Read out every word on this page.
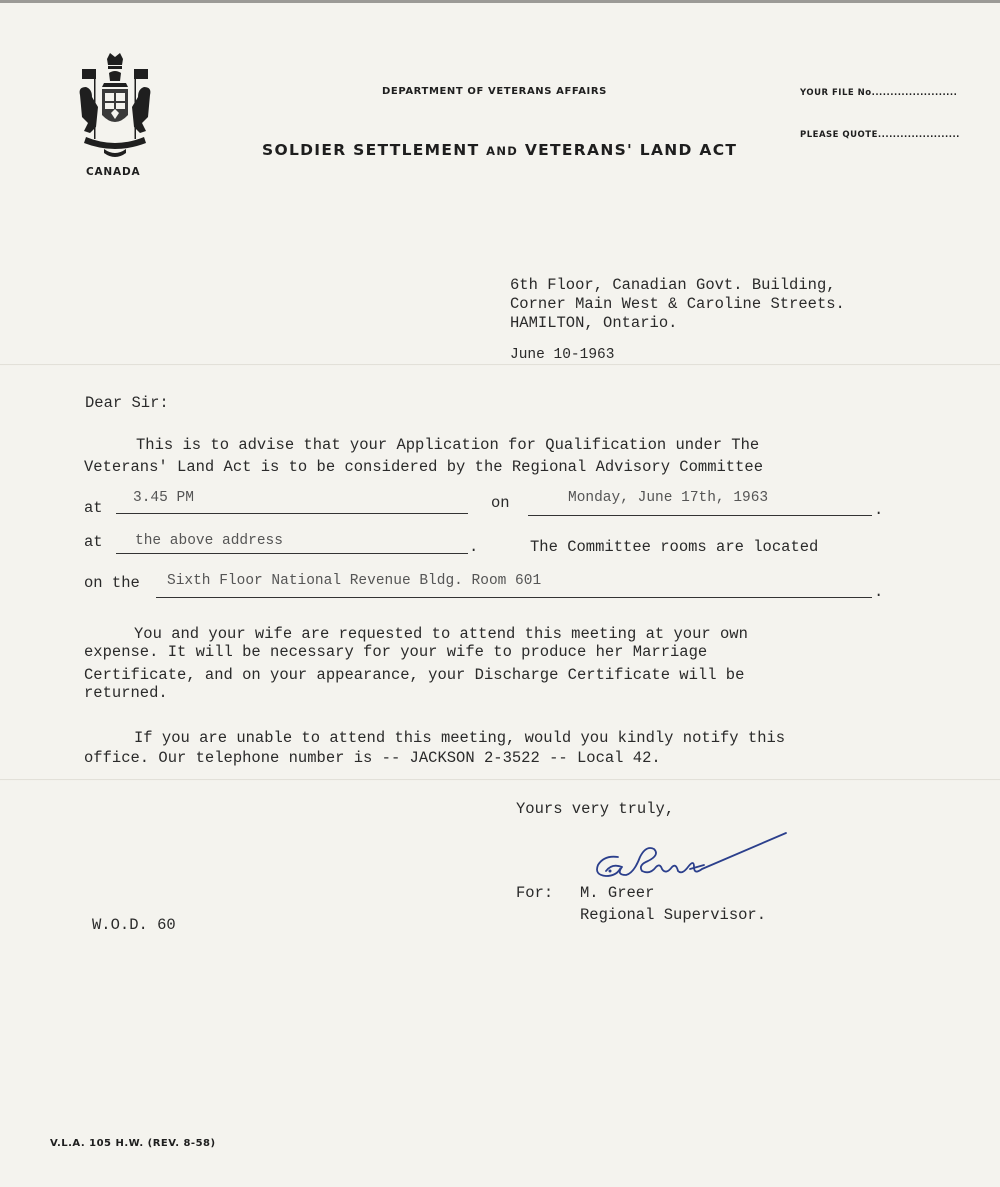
CANADA
DEPARTMENT OF VETERANS AFFAIRS
SOLDIER SETTLEMENT AND VETERANS' LAND ACT
YOUR FILE No.......................
PLEASE QUOTE......................
6th Floor, Canadian Govt. Building,
Corner Main West & Caroline Streets.
HAMILTON, Ontario.
June 10-1963
Dear Sir:
This is to advise that your Application for Qualification under The
Veterans' Land Act is to be considered by the Regional Advisory Committee
at
3.45 PM	on	Monday, June 17th, 1963
.
at the above address	.	The Committee rooms are located
on the Sixth Floor National Revenue Bldg. Room 601
.
You and your wife are requested to attend this meeting at your own
expense. It will be necessary for your wife to produce her Marriage
Certificate, and on your appearance, your Discharge Certificate will be
returned.
If you are unable to attend this meeting, would you kindly notify this
office. Our telephone number is -- JACKSON 2-3522 -- Local 42.
Yours very truly,
For: M. Greer
Regional Supervisor.
W.O.D. 60
V.L.A. 105 H.W. (REV. 8-58)
